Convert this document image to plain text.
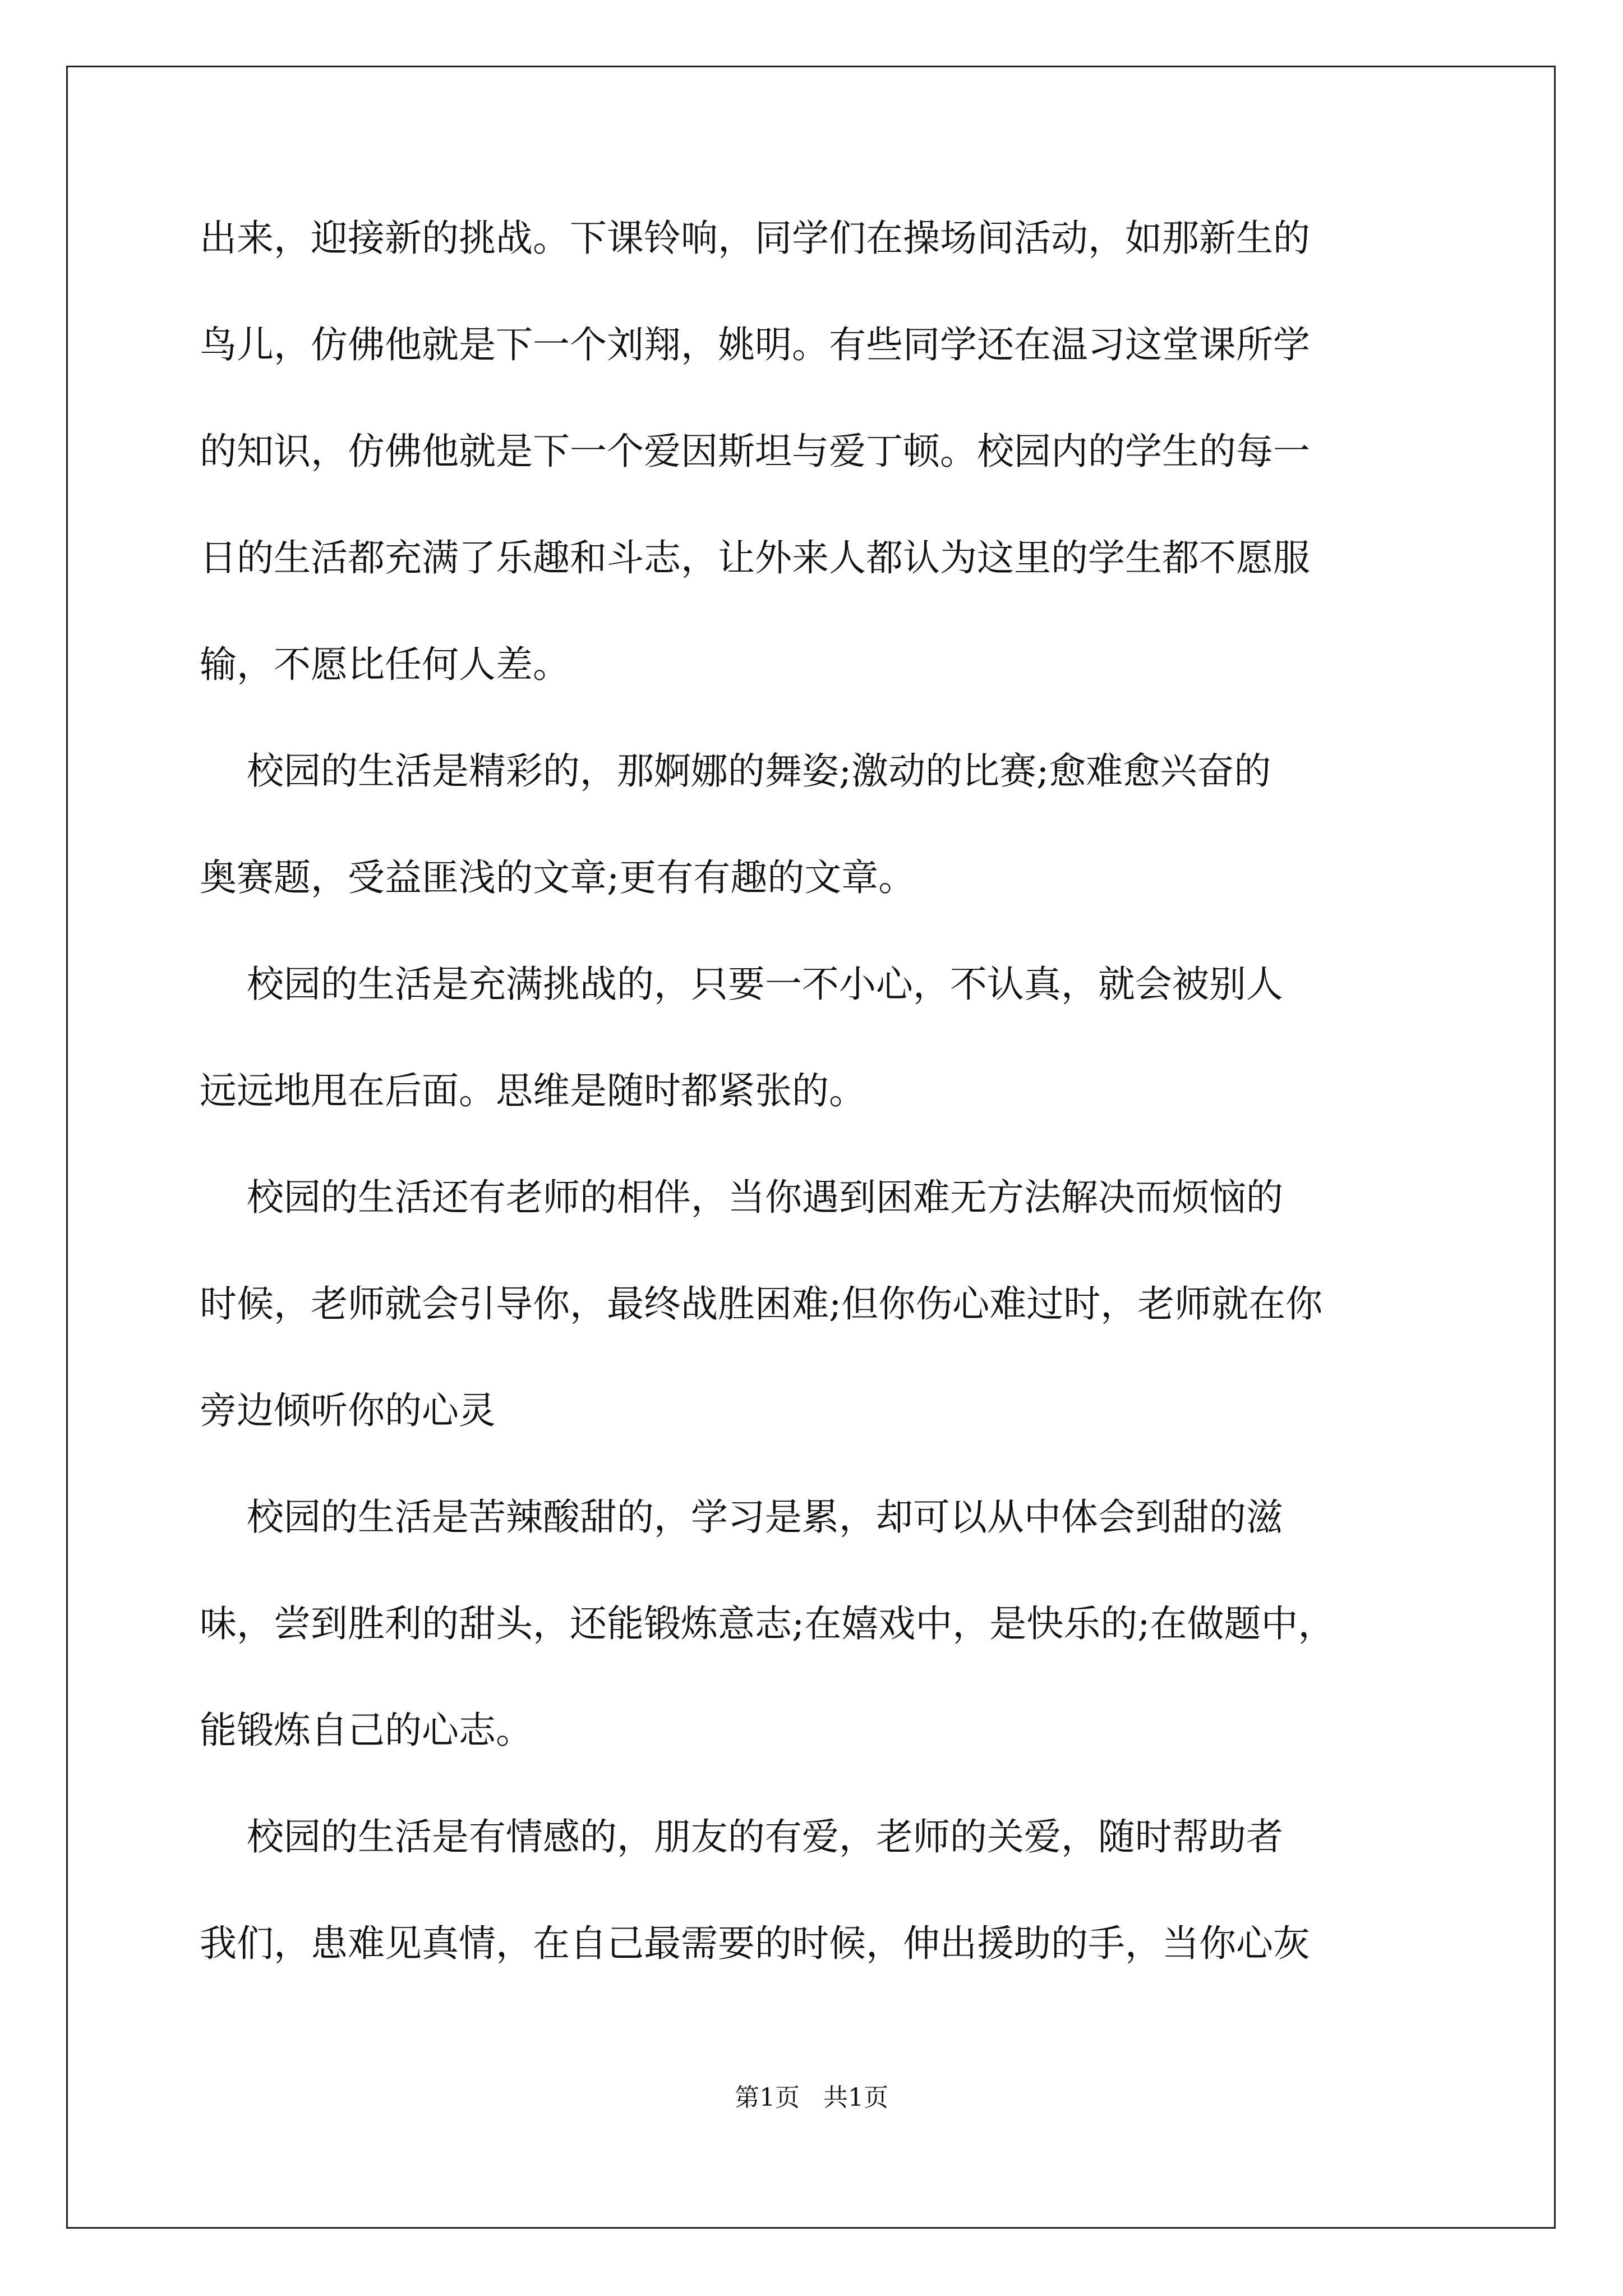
出来，迎接新的挑战。下课铃响，同学们在操场间活动，如那新生的
鸟儿，仿佛他就是下一个刘翔，姚明。有些同学还在温习这堂课所学
的知识，仿佛他就是下一个爱因斯坦与爱丁顿。校园内的学生的每一
日的生活都充满了乐趣和斗志，让外来人都认为这里的学生都不愿服
输，不愿比任何人差。
校园的生活是精彩的，那婀娜的舞姿;激动的比赛;愈难愈兴奋的
奥赛题，受益匪浅的文章;更有有趣的文章。
校园的生活是充满挑战的，只要一不小心，不认真，就会被别人
远远地甩在后面。思维是随时都紧张的。
校园的生活还有老师的相伴，当你遇到困难无方法解决而烦恼的
时候，老师就会引导你，最终战胜困难;但你伤心难过时，老师就在你
旁边倾听你的心灵
校园的生活是苦辣酸甜的，学习是累，却可以从中体会到甜的滋
味，尝到胜利的甜头，还能锻炼意志;在嬉戏中，是快乐的;在做题中，
能锻炼自己的心志。
校园的生活是有情感的，朋友的有爱，老师的关爱，随时帮助者
我们，患难见真情，在自己最需要的时候，伸出援助的手，当你心灰
第1页   共1页
